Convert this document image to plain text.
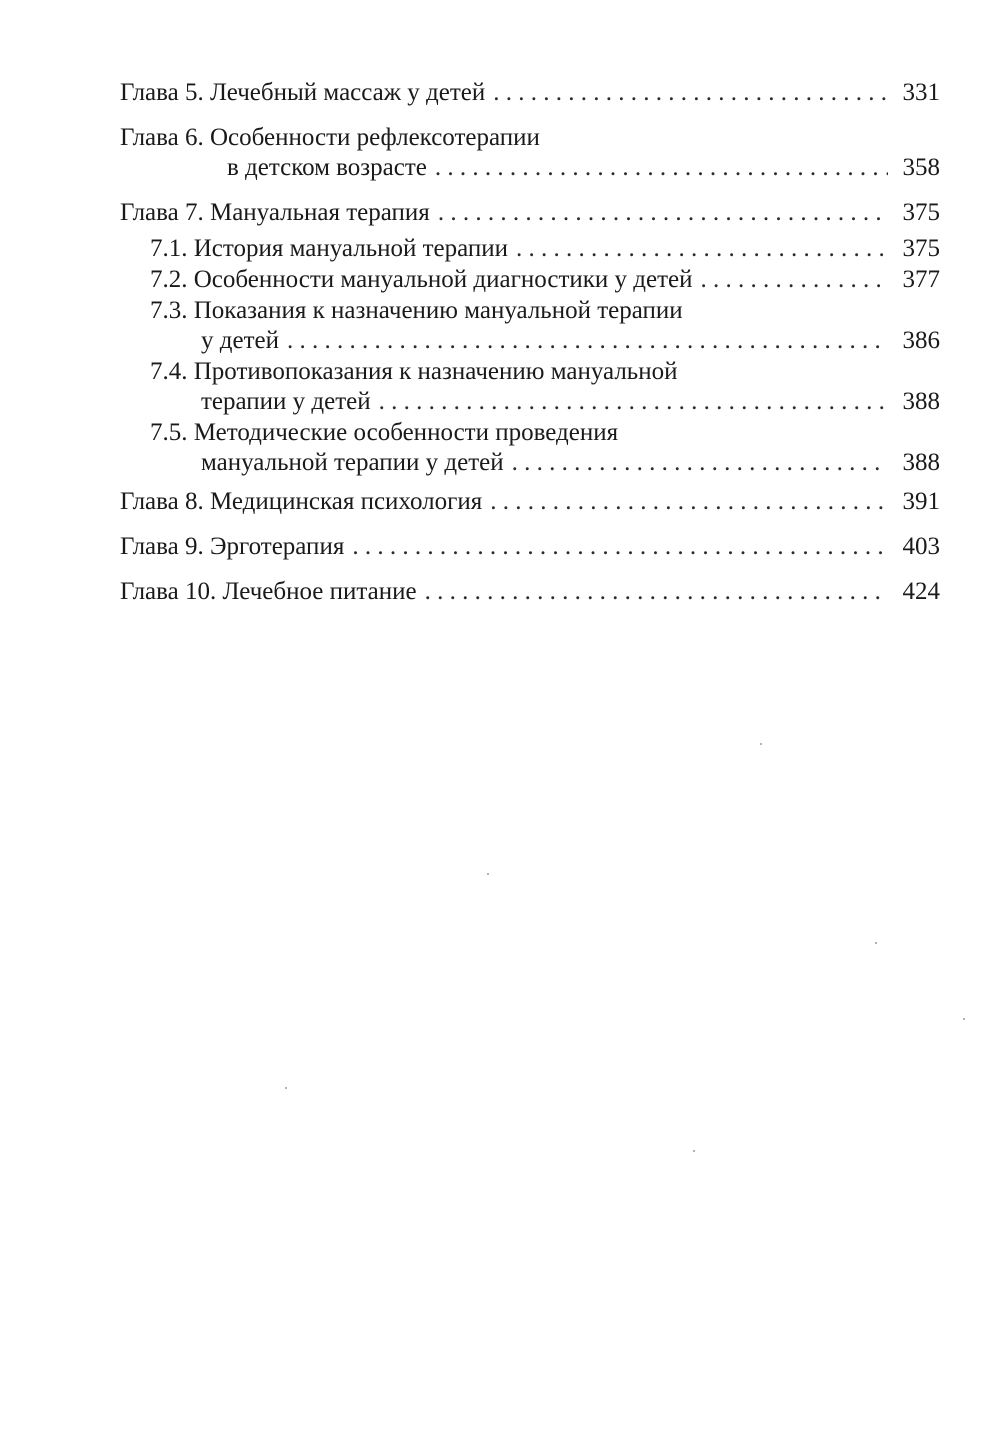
Глава 5. Лечебный массаж у детей . . .	331
Глава 6. Особенности рефлексотерапии
в детском возрасте . . .	358
Глава 7. Мануальная терапия . . .	375
7.1.
История мануальной терапии . . .	375
7.2.
Особенности мануальной диагностики у детей . . .	377
7.3.
Показания к назначению мануальной терапии
у детей . . .	386
7.4.
Противопоказания к назначению мануальной
терапии у детей . . .	388
7.5.
Методические особенности проведения
мануальной терапии у детей . . .	388
Глава 8. Медицинская психология . . .	391
Глава 9. Эрготерапия . . .	403
Глава 10. Лечебное питание . . .	424
